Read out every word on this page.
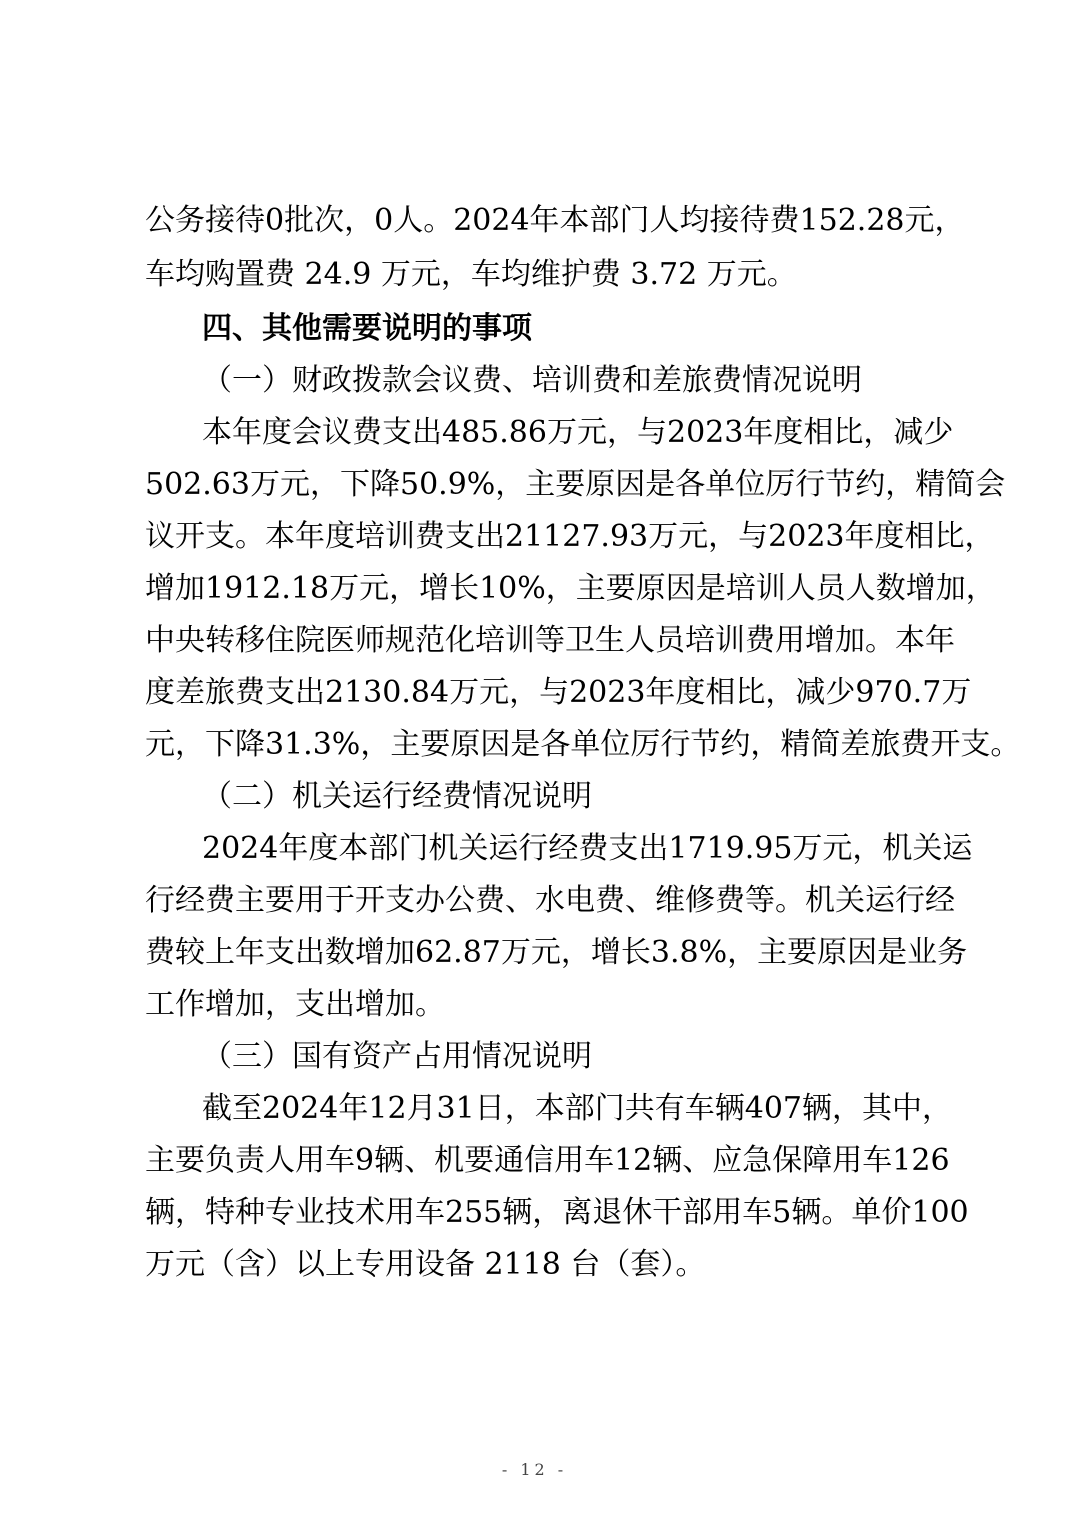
公 务 接 待 0 批 次 ， 0 人 。 2024 年 本 部 门 人 均 接 待 费 152.28 元 ，
车均购置费 24.9 万元，车均维护费 3.72 万元。
四、其他需要说明的事项
（一）财政拨款会议费、培训费和差旅费情况说明
本 年 度 会 议 费 支 出 485.86 万 元 ， 与 2023 年 度 相 比 ， 减 少
502.63 万 元 ， 下 降 50.9% ， 主 要 原 因 是 各 单 位 厉 行 节 约 ， 精 简 会
议 开 支 。 本 年 度 培 训 费 支 出 21127.93 万 元 ， 与 2023 年 度 相 比 ，
增 加 1912.18 万 元 ， 增 长 10% ， 主 要 原 因 是 培 训 人 员 人 数 增 加 ，
中 央 转 移 住 院 医 师 规 范 化 培 训 等 卫 生 人 员 培 训 费 用 增 加 。 本 年
度 差 旅 费 支 出 2130.84 万 元 ， 与 2023 年 度 相 比 ， 减 少 970.7 万
元 ， 下 降 31.3% ， 主 要 原 因 是 各 单 位 厉 行 节 约 ， 精 简 差 旅 费 开 支 。
（二）机关运行经费情况说明
2024 年 度 本 部 门 机 关 运 行 经 费 支 出 1719.95 万 元 ， 机 关 运
行 经 费 主 要 用 于 开 支 办 公 费 、 水 电 费 、 维 修 费 等 。 机 关 运 行 经
费 较 上 年 支 出 数 增 加 62.87 万 元 ， 增 长 3.8% ， 主 要 原 因 是 业 务
工作增加，支出增加。
（三）国有资产占用情况说明
截 至 2024 年 12 月 31 日 ， 本 部 门 共 有 车 辆 407 辆 ， 其 中 ，
主 要 负 责 人 用 车 9 辆 、 机 要 通 信 用 车 12 辆 、 应 急 保 障 用 车 126
辆 ， 特 种 专 业 技 术 用 车 255 辆 ， 离 退 休 干 部 用 车 5 辆 。 单 价 100
万元（含）以上专用设备 2118 台（套）。
- 12 -
